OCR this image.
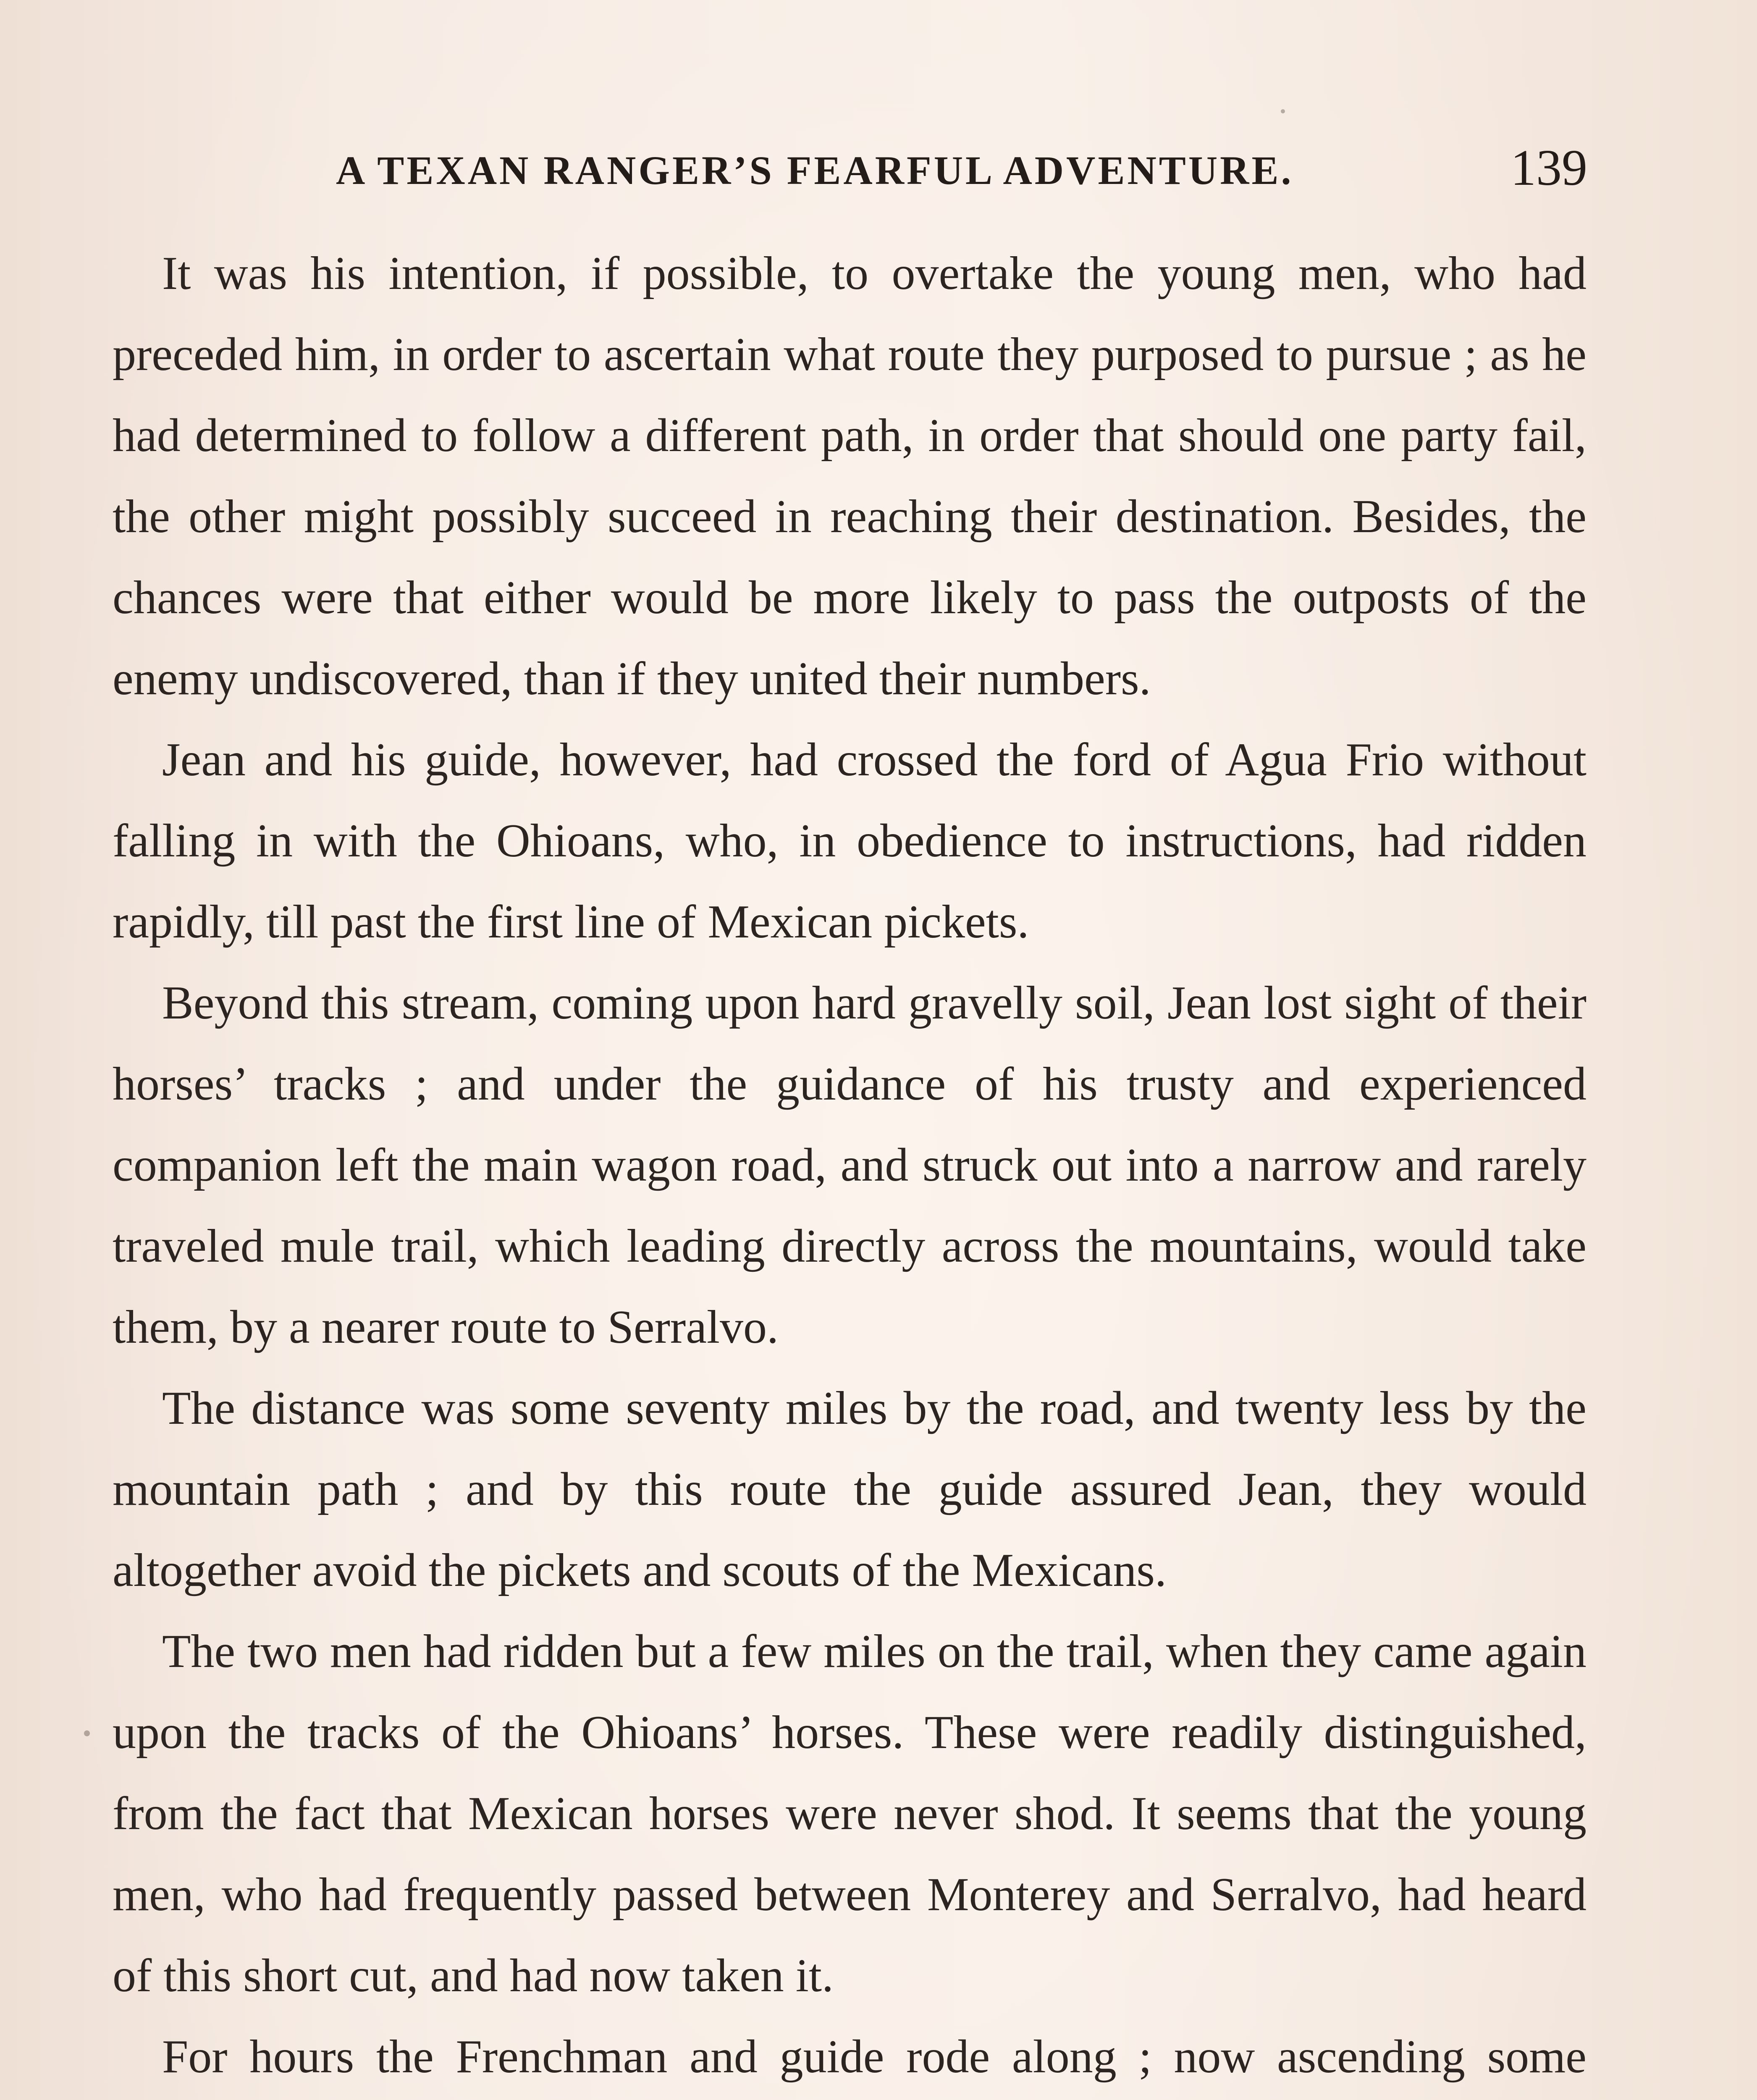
A TEXAN RANGER’S FEARFUL ADVENTURE.	139

It was his intention, if possible, to overtake the young men, who had preceded him, in order to ascertain what route they purposed to pursue ; as he had determined to follow a different path, in order that should one party fail, the other might possibly succeed in reaching their destination. Besides, the chances were that either would be more likely to pass the outposts of the enemy undiscovered, than if they united their numbers.

Jean and his guide, however, had crossed the ford of Agua Frio without falling in with the Ohioans, who, in obedience to instructions, had ridden rapidly, till past the first line of Mexican pickets.

Beyond this stream, coming upon hard gravelly soil, Jean lost sight of their horses’ tracks ; and under the guidance of his trusty and experienced companion left the main wagon road, and struck out into a narrow and rarely traveled mule trail, which leading directly across the mountains, would take them, by a nearer route to Serralvo.

The distance was some seventy miles by the road, and twenty less by the mountain path ; and by this route the guide assured Jean, they would altogether avoid the pickets and scouts of the Mexicans.

The two men had ridden but a few miles on the trail, when they came again upon the tracks of the Ohioans’ horses. These were readily distinguished, from the fact that Mexican horses were never shod. It seems that the young men, who had frequently passed between Monterey and Serralvo, had heard of this short cut, and had now taken it.

For hours the Frenchman and guide rode along ; now ascending some
